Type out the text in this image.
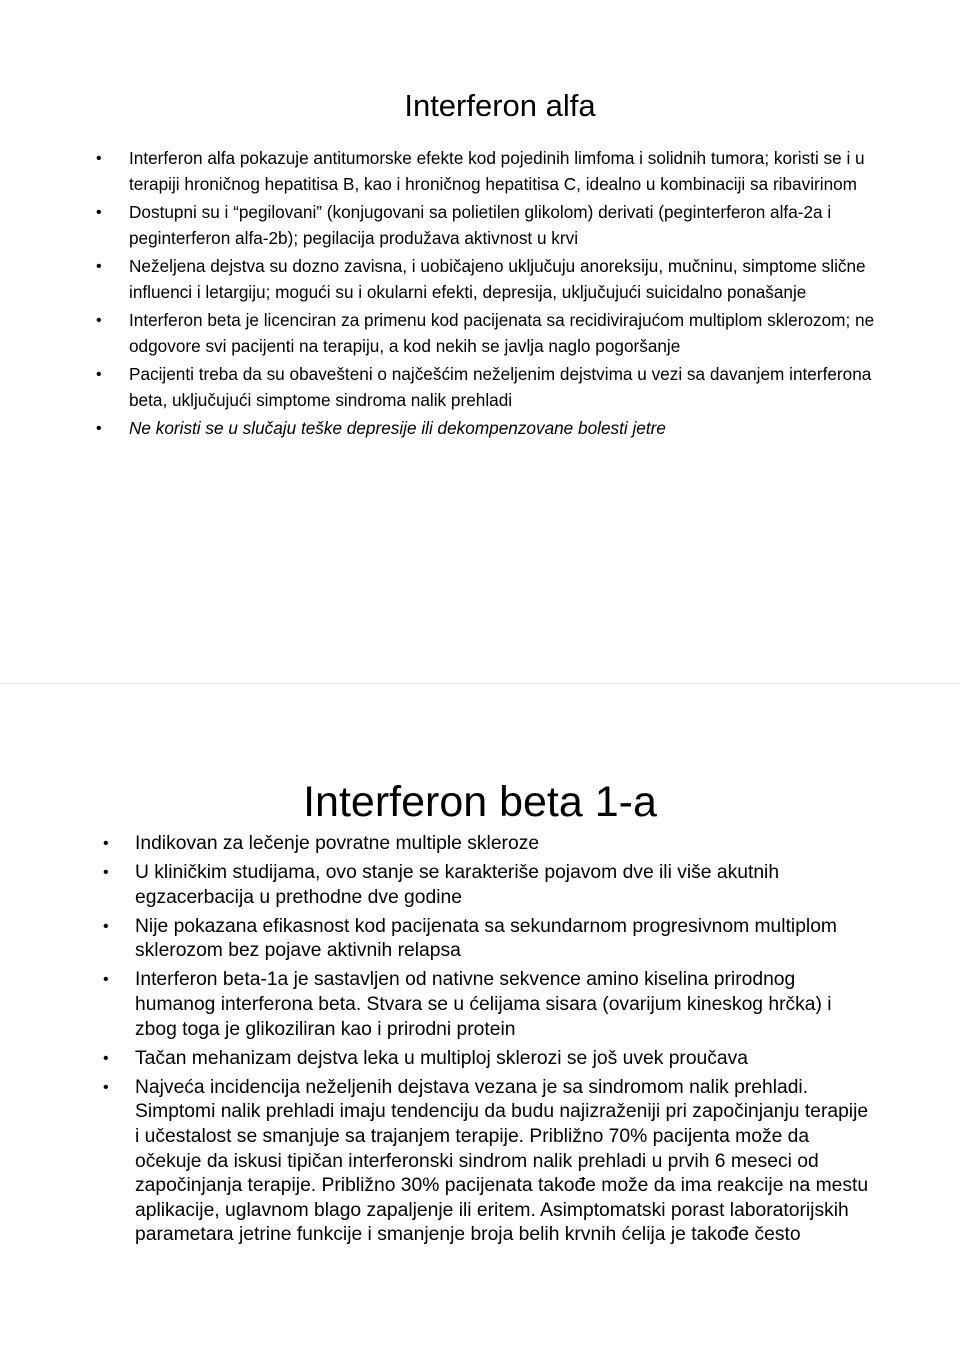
Interferon alfa
• Interferon alfa pokazuje antitumorske efekte kod pojedinih limfoma i solidnih tumora; koristi se i u terapiji hroničnog hepatitisa B, kao i hroničnog hepatitisa C, idealno u kombinaciji sa ribavirinom
• Dostupni su i “pegilovani” (konjugovani sa polietilen glikolom) derivati (peginterferon alfa-2a i peginterferon alfa-2b); pegilacija produžava aktivnost u krvi
• Neželjena dejstva su dozno zavisna, i uobičajeno uključuju anoreksiju, mučninu, simptome slične influenci i letargiju; mogući su i okularni efekti, depresija, uključujući suicidalno ponašanje
• Interferon beta je licenciran za primenu kod pacijenata sa recidivirajućom multiplom sklerozom; ne odgovore svi pacijenti na terapiju, a kod nekih se javlja naglo pogoršanje
• Pacijenti treba da su obavešteni o najčešćim neželjenim dejstvima u vezi sa davanjem interferona beta, uključujući simptome sindroma nalik prehladi
• Ne koristi se u slučaju teške depresije ili dekompenzovane bolesti jetre
Interferon beta 1-a
• Indikovan za lečenje povratne multiple skleroze
• U kliničkim studijama, ovo stanje se karakteriše pojavom dve ili više akutnih egzacerbacija u prethodne dve godine
• Nije pokazana efikasnost kod pacijenata sa sekundarnom progresivnom multiplom sklerozom bez pojave aktivnih relapsa
• Interferon beta-1a je sastavljen od nativne sekvence amino kiselina prirodnog humanog interferona beta. Stvara se u ćelijama sisara (ovarijum kineskog hrčka) i zbog toga je glikoziliran kao i prirodni protein
• Tačan mehanizam dejstva leka u multiploj sklerozi se još uvek proučava
• Najveća incidencija neželjenih dejstava vezana je sa sindromom nalik prehladi. Simptomi nalik prehladi imaju tendenciju da budu najizraženiji pri započinjanju terapije i učestalost se smanjuje sa trajanjem terapije. Približno 70% pacijenta može da očekuje da iskusi tipičan interferonski sindrom nalik prehladi u prvih 6 meseci od započinjanja terapije. Približno 30% pacijenata takođe može da ima reakcije na mestu aplikacije, uglavnom blago zapaljenje ili eritem. Asimptomatski porast laboratorijskih parametara jetrine funkcije i smanjenje broja belih krvnih ćelija je takođe često
